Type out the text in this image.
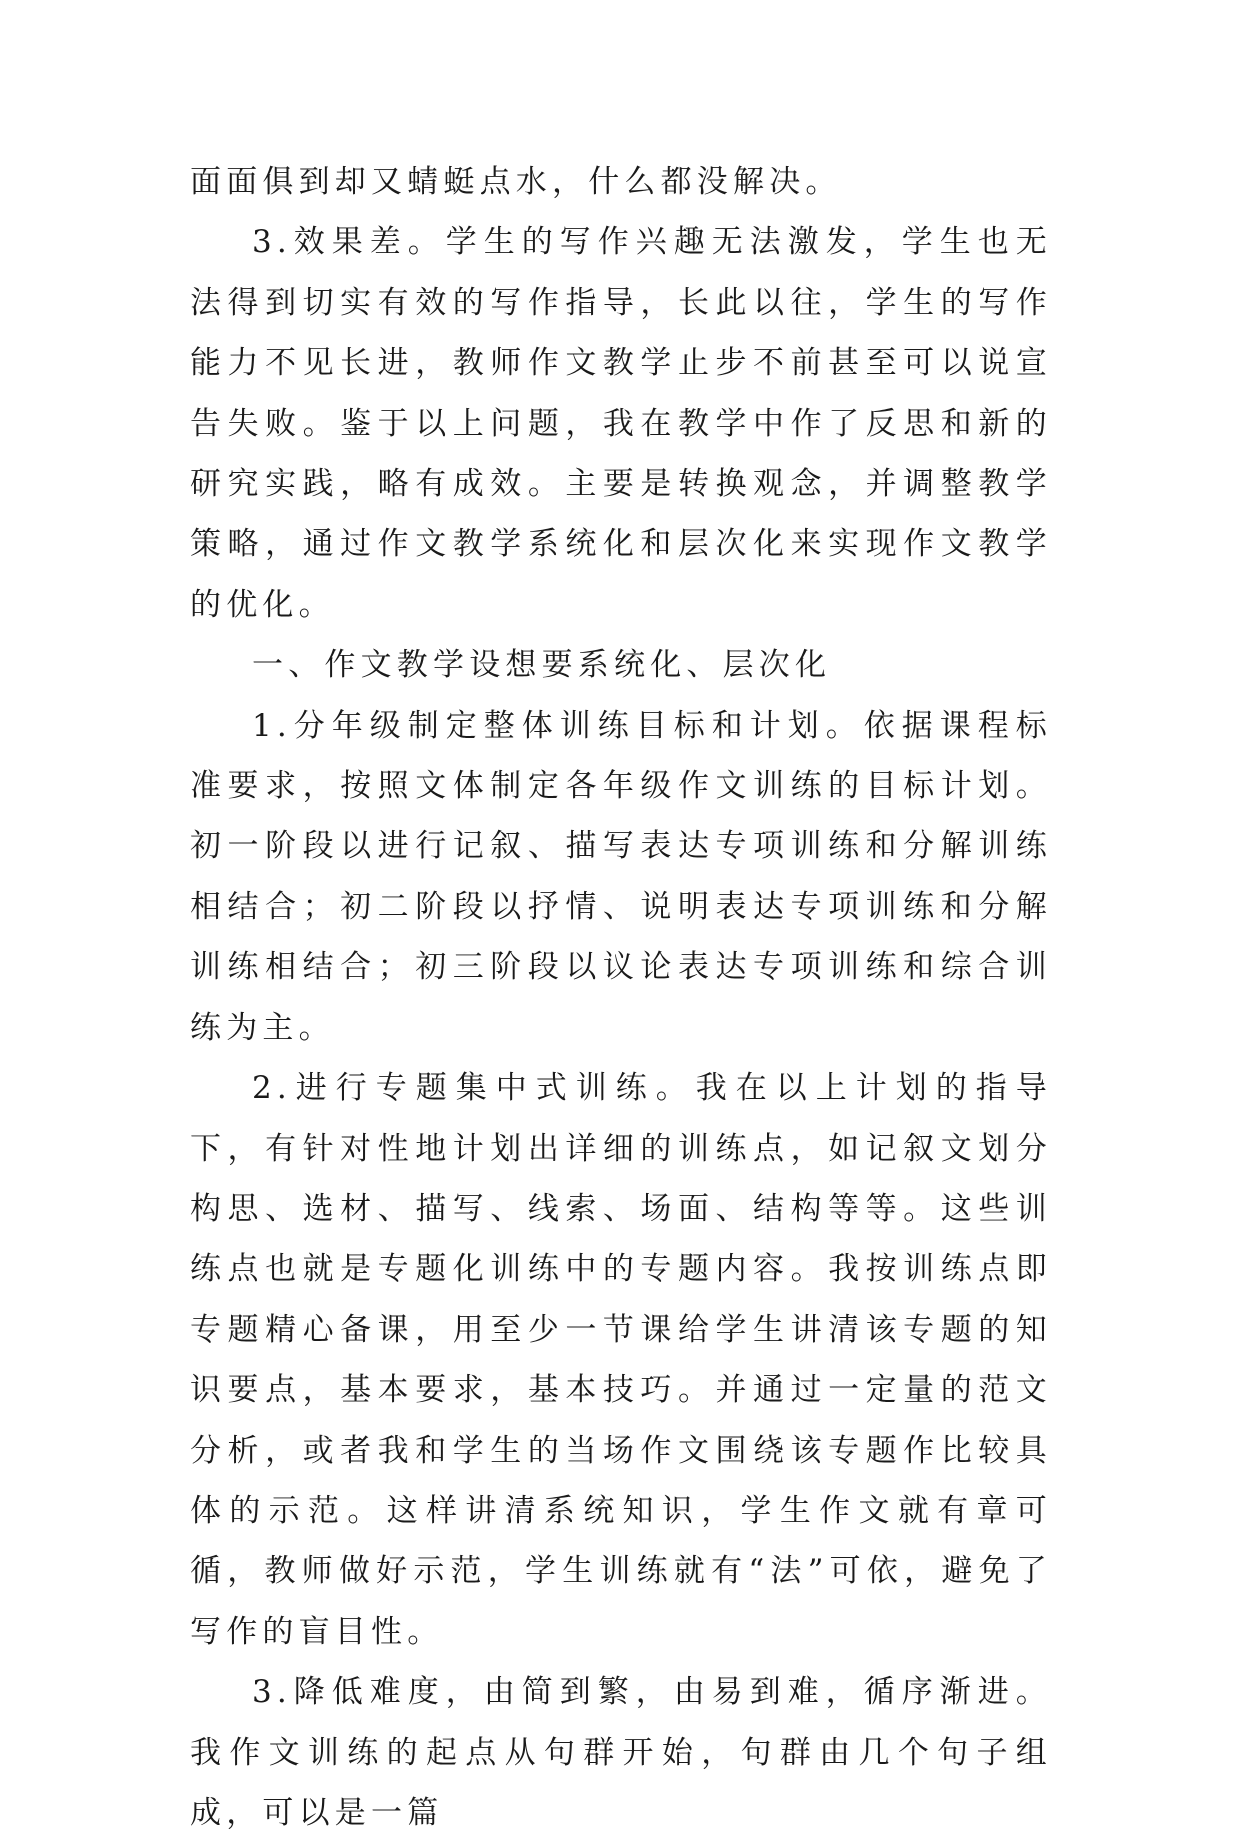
面面俱到却又蜻蜓点水，什么都没解决。

3.效果差。学生的写作兴趣无法激发，学生也无法得到切实有效的写作指导，长此以往，学生的写作能力不见长进，教师作文教学止步不前甚至可以说宣告失败。鉴于以上问题，我在教学中作了反思和新的研究实践，略有成效。主要是转换观念，并调整教学策略，通过作文教学系统化和层次化来实现作文教学的优化。

一、作文教学设想要系统化、层次化

1.分年级制定整体训练目标和计划。依据课程标准要求，按照文体制定各年级作文训练的目标计划。初一阶段以进行记叙、描写表达专项训练和分解训练相结合；初二阶段以抒情、说明表达专项训练和分解训练相结合；初三阶段以议论表达专项训练和综合训练为主。

2.进行专题集中式训练。我在以上计划的指导下，有针对性地计划出详细的训练点，如记叙文划分构思、选材、描写、线索、场面、结构等等。这些训练点也就是专题化训练中的专题内容。我按训练点即专题精心备课，用至少一节课给学生讲清该专题的知识要点，基本要求，基本技巧。并通过一定量的范文分析，或者我和学生的当场作文围绕该专题作比较具体的示范。这样讲清系统知识，学生作文就有章可循，教师做好示范，学生训练就有“法”可依，避免了写作的盲目性。

3.降低难度，由简到繁，由易到难，循序渐进。我作文训练的起点从句群开始，句群由几个句子组成，可以是一篇
